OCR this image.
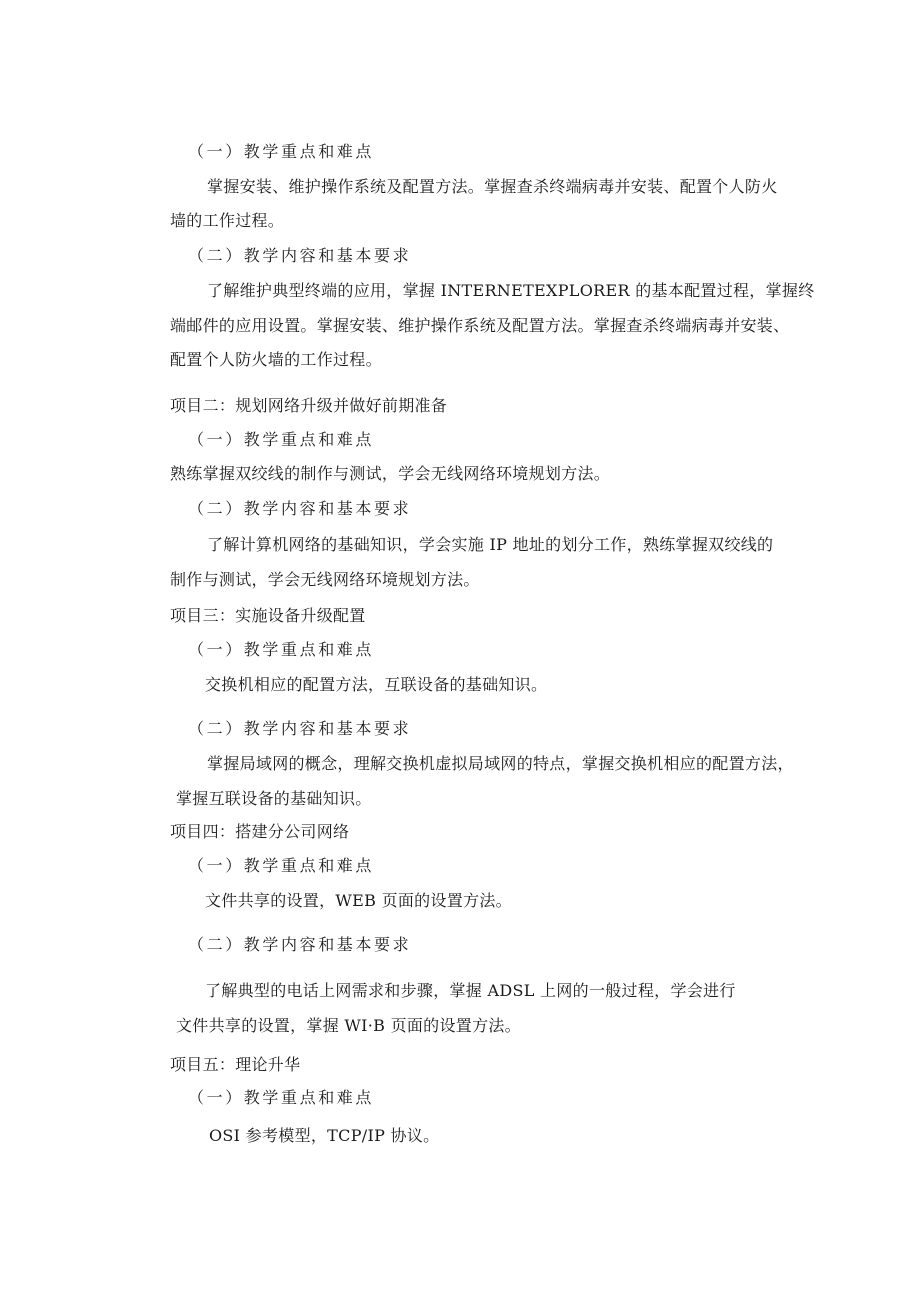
（一）教学重点和难点
掌握安装、维护操作系统及配置方法。掌握查杀终端病毒并安装、配置个人防火
墙的工作过程。
（二）教学内容和基本要求
了解维护典型终端的应用，掌握 INTERNETEXPLORER 的基本配置过程，掌握终
端邮件的应用设置。掌握安装、维护操作系统及配置方法。掌握查杀终端病毒并安装、
配置个人防火墙的工作过程。
项目二：规划网络升级并做好前期准备
（一）教学重点和难点
熟练掌握双绞线的制作与测试，学会无线网络环境规划方法。
（二）教学内容和基本要求
了解计算机网络的基础知识，学会实施 IP 地址的划分工作，熟练掌握双绞线的
制作与测试，学会无线网络环境规划方法。
项目三：实施设备升级配置
（一）教学重点和难点
交换机相应的配置方法，互联设备的基础知识。
（二）教学内容和基本要求
掌握局域网的概念，理解交换机虚拟局域网的特点，掌握交换机相应的配置方法，
掌握互联设备的基础知识。
项目四：搭建分公司网络
（一）教学重点和难点
文件共享的设置，WEB 页面的设置方法。
（二）教学内容和基本要求
了解典型的电话上网需求和步骤，掌握 ADSL 上网的一般过程，学会进行
文件共享的设置，掌握 WI·B 页面的设置方法。
项目五：理论升华
（一）教学重点和难点
OSI 参考模型，TCP/IP 协议。
